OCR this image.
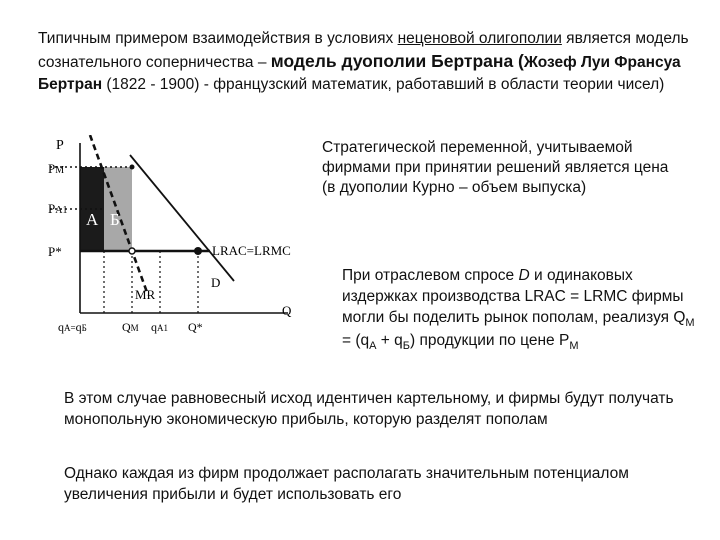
Типичным примером взаимодействия в условиях неценовой олигополии является модель сознательного соперничества – модель дуополии Бертрана (Жозеф Луи Франсуа Бертран (1822 - 1900) - французский математик, работавший в области теории чисел)
P
PM
PA1
P*
А Б
LRAC=LRMC
D
MR
Q
qА=qБ	QM qA1 Q*
Стратегической переменной, учитываемой фирмами при принятии решений является цена (в дуополии Курно – объем выпуска)
При отраслевом спросе D и одинаковых издержках производства LRAC = LRMC фирмы могли бы поделить рынок пополам, реализуя $Q_M = (q_А + q_Б)$ продукции по цене $Р_M$
В этом случае равновесный исход идентичен картельному, и фирмы будут получать монопольную экономическую прибыль, которую разделят пополам
Однако каждая из фирм продолжает располагать значительным потенциалом увеличения прибыли и будет использовать его
